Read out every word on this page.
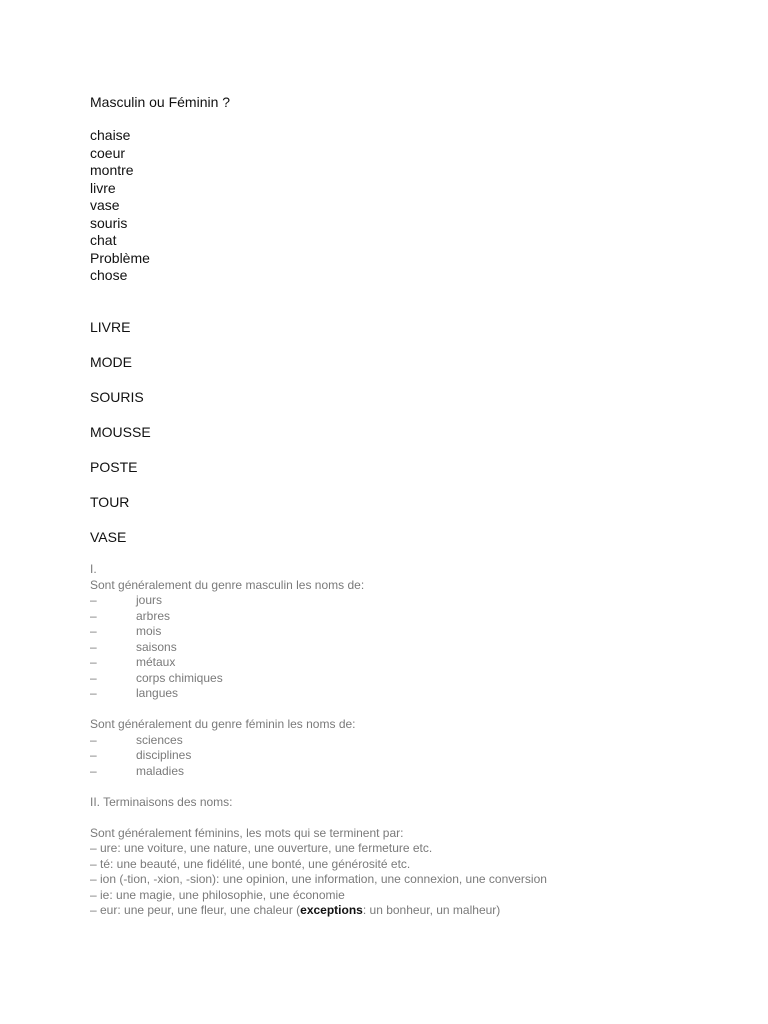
Masculin ou Féminin ?
chaise
coeur
montre
livre
vase
souris
chat
Problème
chose
LIVRE
MODE
SOURIS
MOUSSE
POSTE
TOUR
VASE
I.
Sont généralement du genre masculin les noms de:
–	jours
–	arbres
–	mois
–	saisons
–	métaux
–	corps chimiques
–	langues
Sont généralement du genre féminin les noms de:
–	sciences
–	disciplines
–	maladies
II. Terminaisons des noms:
Sont généralement féminins, les mots qui se terminent par:
– ure: une voiture, une nature, une ouverture, une fermeture etc.
– té: une beauté, une fidélité, une bonté, une générosité etc.
– ion (-tion, -xion, -sion): une opinion, une information, une connexion, une conversion
– ie: une magie, une philosophie, une économie
– eur: une peur, une fleur, une chaleur (exceptions: un bonheur, un malheur)
